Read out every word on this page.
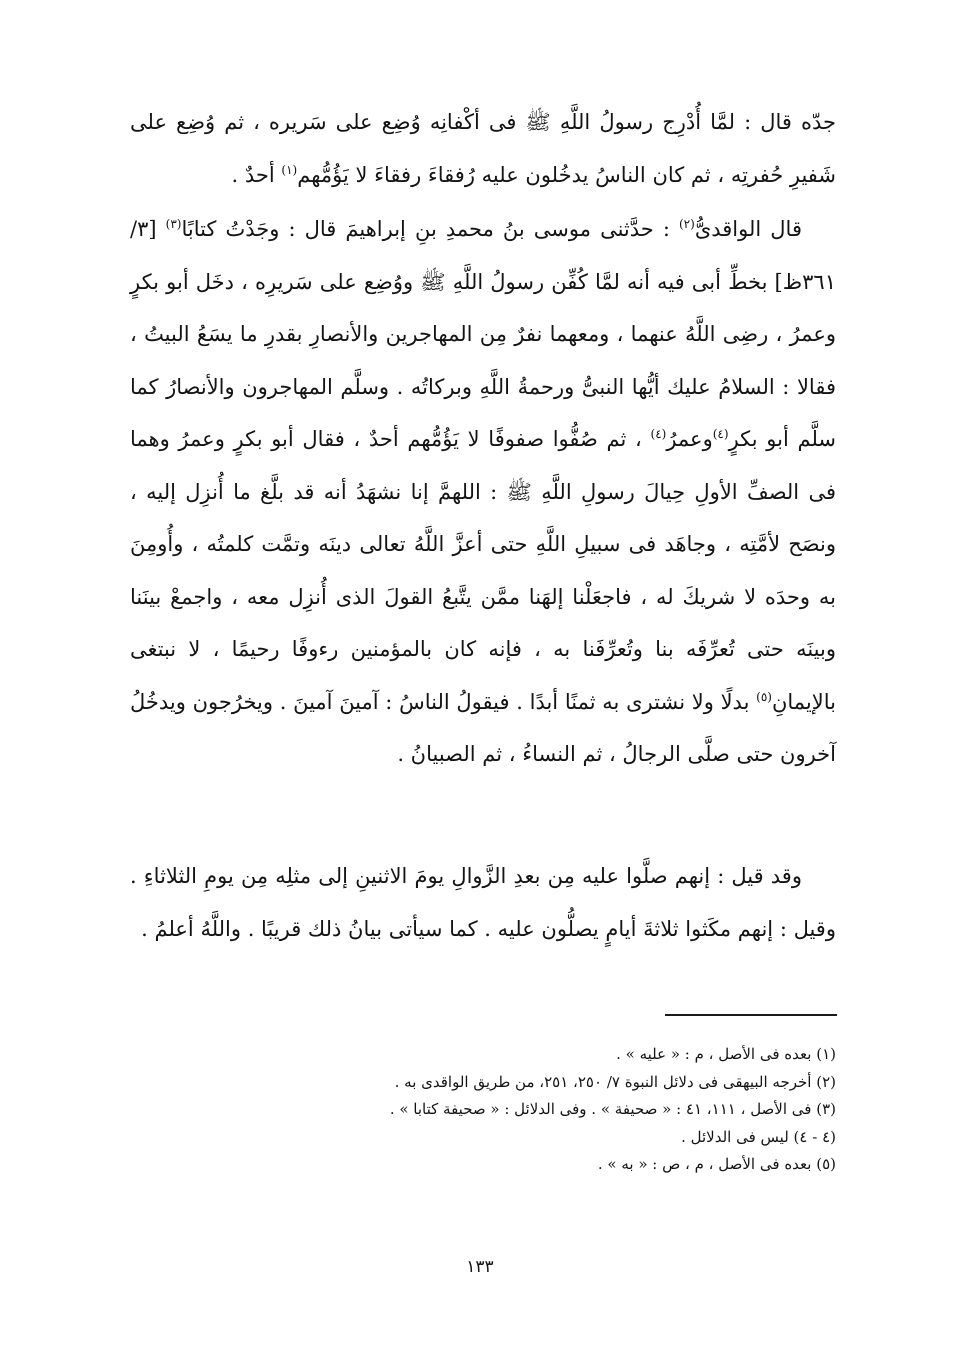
جدّه قال : لمَّا أُدْرِج رسولُ اللَّهِ ﷺ فى أكْفانِه وُضِع على سَريره ، ثم وُضِع على شَفيرِ حُفرتِه ، ثم كان الناسُ يدخُلون عليه رُفقاءَ رفقاءَ لا يَؤُمُّهم$^{(١)}$ أحدٌ .

قال الواقدىُّ$^{(٢)}$ : حدَّثنى موسى بنُ محمدِ بنِ إبراهيمَ قال : وجَدْتُ كتابًا$^{(٣)}$ [٣/ ٣٦١ظ] بخطِّ أبى فيه أنه لمَّا كُفِّن رسولُ اللَّهِ ﷺ ووُضِع على سَريرِه ، دخَل أبو بكرٍ وعمرُ ، رضِى اللَّهُ عنهما ، ومعهما نفرٌ مِن المهاجرين والأنصارِ بقدرِ ما يسَعُ البيتُ ، فقالا : السلامُ عليك أيُّها النبىُّ ورحمةُ اللَّهِ وبركاتُه . وسلَّم المهاجرون والأنصارُ كما سلَّم أبو بكرٍ$^{(٤)}$وعمرُ$^{(٤)}$ ، ثم صُفُّوا صفوفًا لا يَؤُمُّهم أحدٌ ، فقال أبو بكرٍ وعمرُ وهما فى الصفِّ الأولِ حِيالَ رسولِ اللَّهِ ﷺ : اللهمَّ إنا نشهَدُ أنه قد بلَّغ ما أُنزِل إليه ، ونصَح لأمَّتِه ، وجاهَد فى سبيلِ اللَّهِ حتى أعزَّ اللَّهُ تعالى دينَه وتمَّت كلمتُه ، وأُومِنَ به وحدَه لا شريكَ له ، فاجعَلْنا إلهَنا ممَّن يتَّبعُ القولَ الذى أُنزِل معه ، واجمعْ بينَنا وبينَه حتى تُعرِّفَه بنا وتُعرِّفَنا به ، فإنه كان بالمؤمنين رءوفًا رحيمًا ، لا نبتغى بالإيمانِ$^{(٥)}$ بدلًا ولا نشترى به ثمنًا أبدًا . فيقولُ الناسُ : آمينَ آمينَ . ويخرُجون ويدخُلُ آخرون حتى صلَّى الرجالُ ، ثم النساءُ ، ثم الصبيانُ .

وقد قيل : إنهم صلَّوا عليه مِن بعدِ الزَّوالِ يومَ الاثنينِ إلى مثلِه مِن يومِ الثلاثاءِ . وقيل : إنهم مكَثوا ثلاثةَ أيامٍ يصلُّون عليه . كما سيأتى بيانُ ذلك قريبًا . واللَّهُ أعلمُ .

(١) بعده فى الأصل ، م : « عليه » .

(٢) أخرجه البيهقى فى دلائل النبوة ٧/ ٢٥٠، ٢٥١، من طريق الواقدى به .

(٣) فى الأصل ، ١١١، ٤١ : « صحيفة » . وفى الدلائل : « صحيفة كتابا » .

(٤ - ٤) ليس فى الدلائل .

(٥) بعده فى الأصل ، م ، ص : « به » .

١٣٣
